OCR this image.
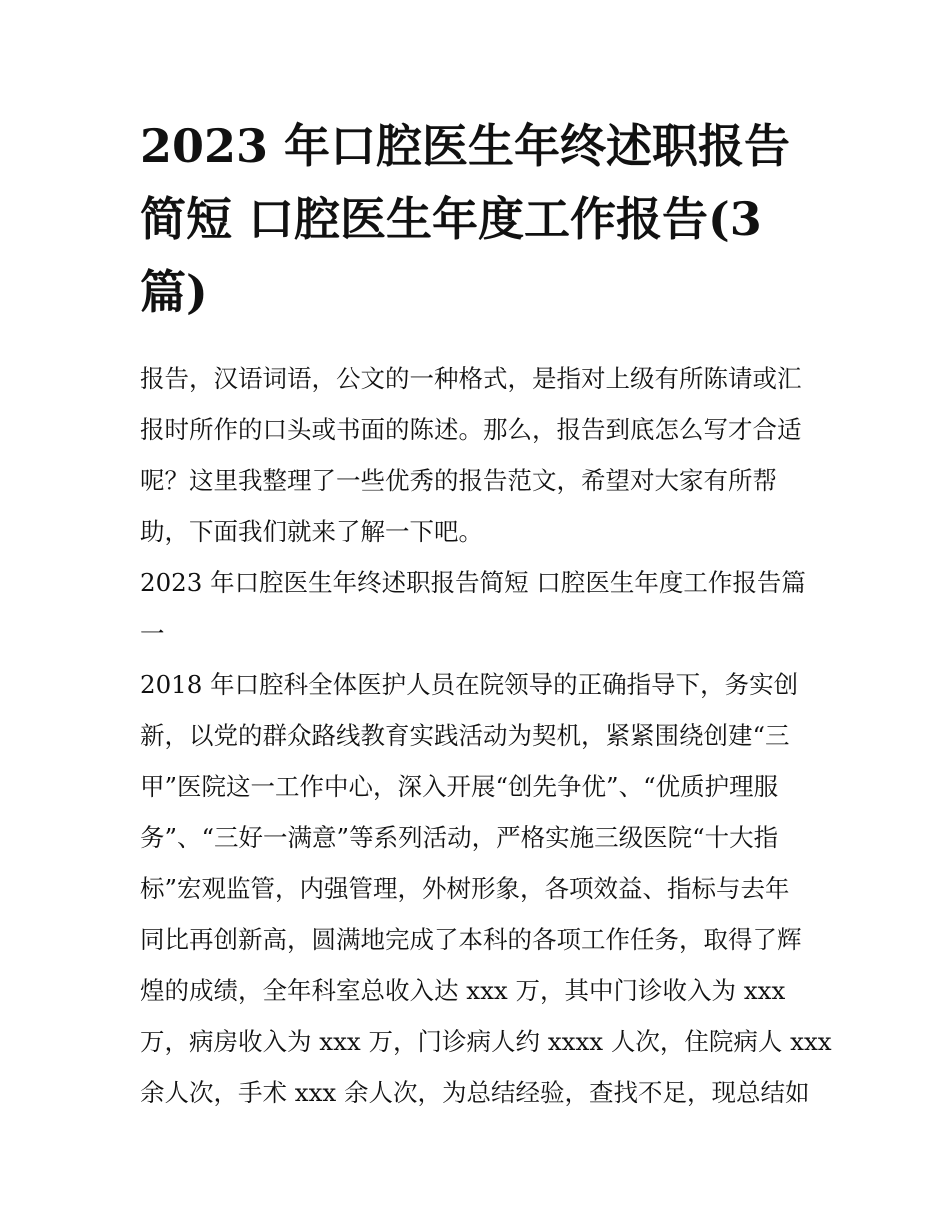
2023 年口腔医生年终述职报告
简短 口腔医生年度工作报告(3
篇)
报告，汉语词语，公文的一种格式，是指对上级有所陈请或汇
报时所作的口头或书面的陈述。那么，报告到底怎么写才合适
呢？这里我整理了一些优秀的报告范文，希望对大家有所帮
助，下面我们就来了解一下吧。
2023 年口腔医生年终述职报告简短 口腔医生年度工作报告篇
一
2018 年口腔科全体医护人员在院领导的正确指导下，务实创
新，以党的群众路线教育实践活动为契机，紧紧围绕创建“三
甲”医院这一工作中心，深入开展“创先争优”、“优质护理服
务”、“三好一满意”等系列活动，严格实施三级医院“十大指
标”宏观监管，内强管理，外树形象，各项效益、指标与去年
同比再创新高，圆满地完成了本科的各项工作任务，取得了辉
煌的成绩，全年科室总收入达 xxx 万，其中门诊收入为 xxx
万，病房收入为 xxx 万，门诊病人约 xxxx 人次，住院病人 xxx
余人次，手术 xxx 余人次，为总结经验，查找不足，现总结如
